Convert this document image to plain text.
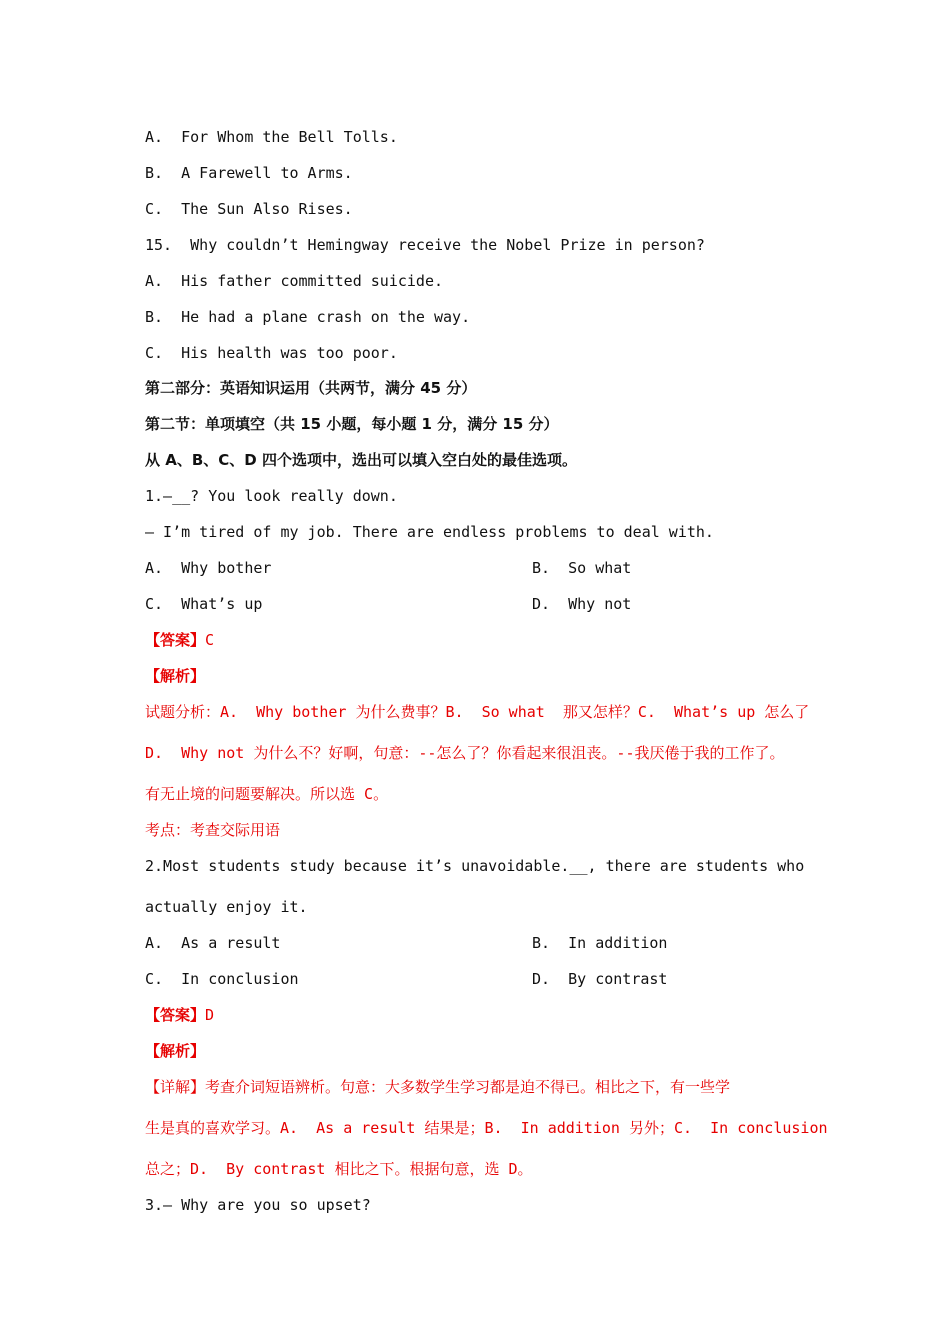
A.  For Whom the Bell Tolls.
B.  A Farewell to Arms.
C.  The Sun Also Rises.
15.  Why couldn’t Hemingway receive the Nobel Prize in person?
A.  His father committed suicide.
B.  He had a plane crash on the way.
C.  His health was too poor.
第二部分：英语知识运用（共两节，满分 45 分）
第二节：单项填空（共 15 小题，每小题 1 分，满分 15 分）
从 A、B、C、D 四个选项中，选出可以填入空白处的最佳选项。
1.—__? You look really down.
— I’m tired of my job. There are endless problems to deal with.
A.  Why bother	B.  So what
C.  What’s up	D.  Why not
【答案】C
【解析】
试题分析：A.  Why bother 为什么费事？B.  So what  那又怎样？C.  What’s up 怎么了
D.  Why not 为什么不？好啊，句意：--怎么了？你看起来很沮丧。--我厌倦于我的工作了。
有无止境的问题要解决。所以选 C。
考点：考查交际用语
2.Most students study because it’s unavoidable.__, there are students who
actually enjoy it.
A.  As a result	B.  In addition
C.  In conclusion	D.  By contrast
【答案】D
【解析】
【详解】考查介词短语辨析。句意：大多数学生学习都是迫不得已。相比之下，有一些学
生是真的喜欢学习。A.  As a result 结果是；B.  In addition 另外；C.  In conclusion
总之；D.  By contrast 相比之下。根据句意，选 D。
3.— Why are you so upset?
